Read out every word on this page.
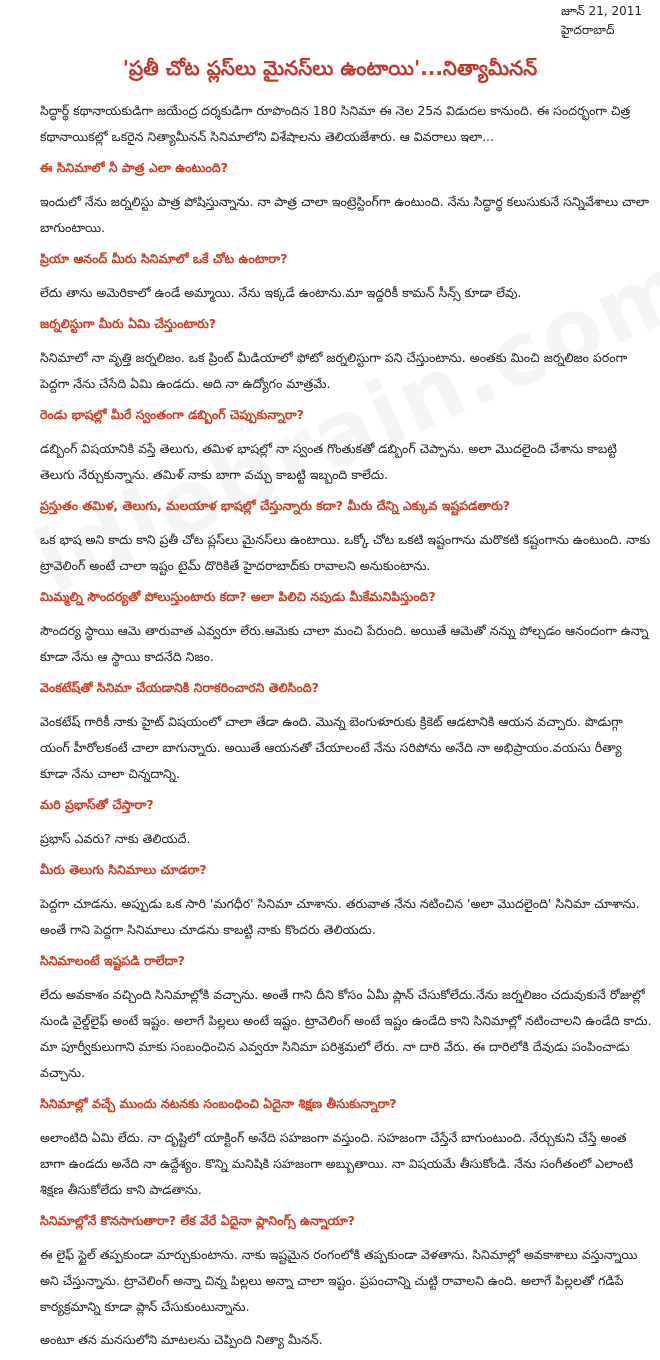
జూన్ 21, 2011
హైదరాబాద్
'ప్రతీ చోట ప్లస్‌లు మైనస్‌లు ఉంటాయి'...నిత్యామీనన్

సిద్ధార్థ్ కథానాయకుడిగా జయేంద్ర దర్శకుడిగా రూపొందిన 180 సినిమా ఈ నెల 25న విడుదల కానుంది. ఈ సందర్భంగా చిత్ర కథానాయికల్లో ఒకరైన నిత్యామీనన్ సినిమాలోని విశేషాలను తెలియజేశారు. ఆ వివరాలు ఇలా...

ఈ సినిమాలో నీ పాత్ర ఎలా ఉంటుంది?

ఇందులో నేను జర్నలిస్టు పాత్ర పోషిస్తున్నాను. నా పాత్ర చాలా ఇంట్రెస్టింగ్‌గా ఉంటుంది. నేను సిద్ధార్థ కలుసుకునే సన్నివేశాలు చాలా బాగుంటాయి.

ప్రియా ఆనంద్ మీరు సినిమాలో ఒకే చోట ఉంటారా?

లేదు తాను అమెరికాలో ఉండే అమ్మాయి. నేను ఇక్కడే ఉంటాను.మా ఇద్దరికీ కామన్ సీన్స్ కూడా లేవు.

జర్నలిస్టుగా మీరు ఏమి చేస్తుంటారు?

సినిమాలో నా వృత్తి జర్నలిజం. ఒక ప్రింట్ మీడియాలో ఫోటో జర్నలిస్టుగా పని చేస్తుంటాను. అంతకు మించి జర్నలిజం పరంగా పెద్దగా నేను చేసేది ఏమి ఉండదు. అది నా ఉద్యోగం మాత్రమే.

రెండు భాషల్లో మీరే స్వంతంగా డబ్బింగ్ చెప్పుకున్నారా?

డబ్బింగ్ విషయానికి వస్తే తెలుగు, తమిళ భాషల్లో నా స్వంత గొంతుకతో డబ్బింగ్ చెప్పాను. అలా మొదలైంది చేశాను కాబట్టి తెలుగు నేర్చుకున్నాను. తమిళ్ నాకు బాగా వచ్చు కాబట్టి ఇబ్బంది కాలేదు.

ప్రస్తుతం తమిళ, తెలుగు, మలయాళ భాషల్లో చేస్తున్నారు కదా? మీరు దేన్ని ఎక్కువ ఇష్టపడతారు?

ఒక భాష అని కాదు కాని ప్రతీ చోట ప్లస్‌లు మైనస్‌లు ఉంటాయి. ఒక్కో చోట ఒకటి ఇష్టంగాను మరొకటి కష్టంగాను ఉంటుంది. నాకు ట్రావెలింగ్ అంటే చాలా ఇష్టం టైమ్ దొరికితే హైదరాబాద్‌కు రావాలని అనుకుంటాను.

మిమ్మల్ని సౌందర్యతో పోలుస్తుంటారు కదా? అలా పిలిచి నపుడు మీకేమనిపిస్తుంది?

సౌందర్య స్థాయి ఆమె తారువాత ఎవ్వరూ లేరు.ఆమెకు చాలా మంచి పేరుంది. అయితే ఆమెతో నన్ను పోల్చడం ఆనందంగా ఉన్నా కూడా నేను ఆ స్థాయి కాదనేది నిజం.

వెంకటేష్‌తో సినిమా చేయడానికి నిరాకరించారని తెలిసింది?

వెంకటేష్ గారికీ నాకు హైట్ విషయంలో చాలా తేడా ఉంది. మొన్న బెంగుళూరుకు క్రికెట్ ఆడటానికి ఆయన వచ్చారు. పొడుగ్గా యంగ్ హీరోలకంటే చాలా బాగున్నారు. అయితే ఆయనతో చేయాలంటే నేను సరిపోను అనేది నా అభిప్రాయం.వయసు రీత్యా కూడా నేను చాలా చిన్నదాన్ని.

మరి ప్రభాస్‌తో చేస్తారా?

ప్రభాస్ ఎవరు? నాకు తెలియదే.

మీరు తెలుగు సినిమాలు చూడరా?

పెద్దగా చూడను. అప్పుడు ఒక సారి 'మగధీర' సినిమా చూశాను. తరువాత నేను నటించిన 'అలా మొదలైంది' సినిమా చూశాను. అంతే గాని పెద్దగా సినిమాలు చూడను కాబట్టి నాకు కొందరు తెలియదు.

సినిమాలంటే ఇష్టపడి రాలేదా?

లేదు అవకాశం వచ్చింది సినిమాల్లోకి వచ్చాను. అంతే గాని దీని కోసం ఏమీ ప్లాన్ చేసుకోలేదు.నేను జర్నలిజం చదువుకునే రోజుల్లో నుండి వైల్డ్‌లైఫ్ అంటే ఇష్టం. అలాగే పిల్లలు అంటే ఇష్టం. ట్రావెలింగ్ అంటే ఇష్టం ఉండేది కాని సినిమాల్లో నటించాలని ఉండేది కాదు. మా పూర్వీకులుగాని మాకు సంబంధించిన ఎవ్వరూ సినిమా పరిశ్రమలో లేరు. నా దారి వేరు. ఈ దారిలోకి దేవుడు పంపించాడు వచ్చాను.

సినిమాల్లో వచ్చే ముందు నటనకు సంబంధించి ఏదైనా శిక్షణ తీసుకున్నారా?

అలాంటిది ఏమి లేదు. నా దృష్టిలో యాక్టింగ్ అనేది సహజంగా వస్తుంది. సహజంగా చేస్తేనే బాగుంటుంది. నేర్చుకుని చేస్తే అంత బాగా ఉండదు అనేది నా ఉద్దేశ్యం. కొన్ని మనిషికి సహజంగా అబ్బుతాయి. నా విషయమే తీసుకోండి. నేను సంగీతంలో ఎలాంటి శిక్షణ తీసుకోలేదు కాని పాడతాను.

సినిమాల్లోనే కొనసాగుతారా? లేక వేరే ఏదైనా ప్లానింగ్స్ ఉన్నాయా?

ఈ లైఫ్ స్టైల్ తప్పకుండా మార్చుకుంటాను. నాకు ఇష్టమైన రంగంలోకి తప్పకుండా వెళతాను. సినిమాల్లో అవకాశాలు వస్తున్నాయి అని చేస్తున్నాను. ట్రావెలింగ్ అన్నా చిన్న పిల్లలు అన్నా చాలా ఇష్టం. ప్రపంచాన్ని చుట్టి రావాలని ఉంది. అలాగే పిల్లలతో గడిపే కార్యక్రమాన్ని కూడా ప్లాన్ చేసుకుంటున్నాను.

అంటూ తన మనసులోని మాటలను చెప్పింది నిత్యా మీనన్.
